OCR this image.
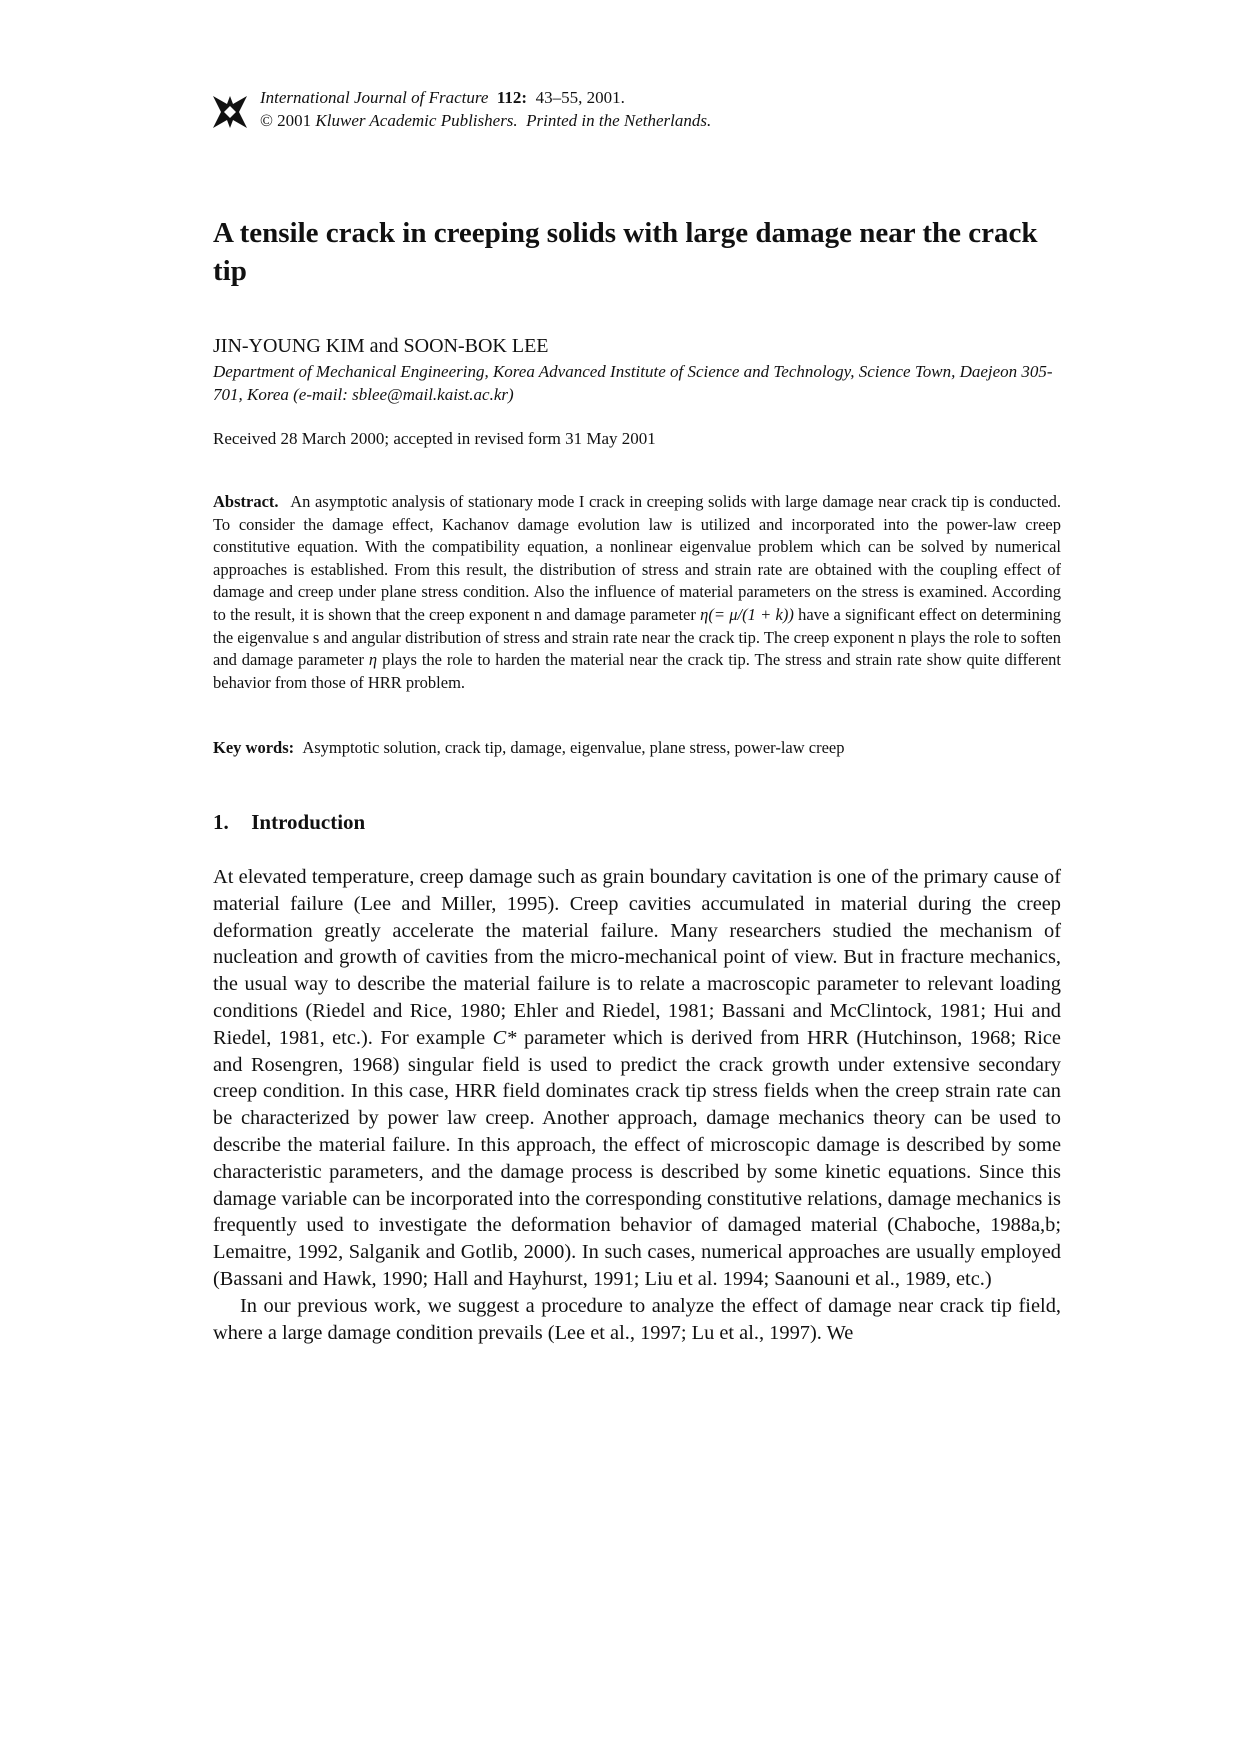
International Journal of Fracture 112: 43–55, 2001.
© 2001 Kluwer Academic Publishers. Printed in the Netherlands.
A tensile crack in creeping solids with large damage near the crack tip
JIN-YOUNG KIM and SOON-BOK LEE
Department of Mechanical Engineering, Korea Advanced Institute of Science and Technology, Science Town, Daejeon 305-701, Korea (e-mail: sblee@mail.kaist.ac.kr)
Received 28 March 2000; accepted in revised form 31 May 2001

Abstract. An asymptotic analysis of stationary mode I crack in creeping solids with large damage near crack tip is conducted. To consider the damage effect, Kachanov damage evolution law is utilized and incorporated into the power-law creep constitutive equation. With the compatibility equation, a nonlinear eigenvalue problem which can be solved by numerical approaches is established. From this result, the distribution of stress and strain rate are obtained with the coupling effect of damage and creep under plane stress condition. Also the influence of material parameters on the stress is examined. According to the result, it is shown that the creep exponent n and damage parameter η(= μ/(1 + k)) have a significant effect on determining the eigenvalue s and angular distribution of stress and strain rate near the crack tip. The creep exponent n plays the role to soften and damage parameter η plays the role to harden the material near the crack tip. The stress and strain rate show quite different behavior from those of HRR problem.

Key words: Asymptotic solution, crack tip, damage, eigenvalue, plane stress, power-law creep

1. Introduction

At elevated temperature, creep damage such as grain boundary cavitation is one of the primary cause of material failure (Lee and Miller, 1995). Creep cavities accumulated in material during the creep deformation greatly accelerate the material failure. Many researchers studied the mechanism of nucleation and growth of cavities from the micro-mechanical point of view. But in fracture mechanics, the usual way to describe the material failure is to relate a macroscopic parameter to relevant loading conditions (Riedel and Rice, 1980; Ehler and Riedel, 1981; Bassani and McClintock, 1981; Hui and Riedel, 1981, etc.). For example C* parameter which is derived from HRR (Hutchinson, 1968; Rice and Rosengren, 1968) singular field is used to predict the crack growth under extensive secondary creep condition. In this case, HRR field dominates crack tip stress fields when the creep strain rate can be characterized by power law creep. Another approach, damage mechanics theory can be used to describe the material failure. In this approach, the effect of microscopic damage is described by some characteristic parameters, and the damage process is described by some kinetic equations. Since this damage variable can be incorporated into the corresponding constitutive relations, damage mechanics is frequently used to investigate the deformation behavior of damaged material (Chaboche, 1988a,b; Lemaitre, 1992, Salganik and Gotlib, 2000). In such cases, numerical approaches are usually employed (Bassani and Hawk, 1990; Hall and Hayhurst, 1991; Liu et al. 1994; Saanouni et al., 1989, etc.)

In our previous work, we suggest a procedure to analyze the effect of damage near crack tip field, where a large damage condition prevails (Lee et al., 1997; Lu et al., 1997). We
